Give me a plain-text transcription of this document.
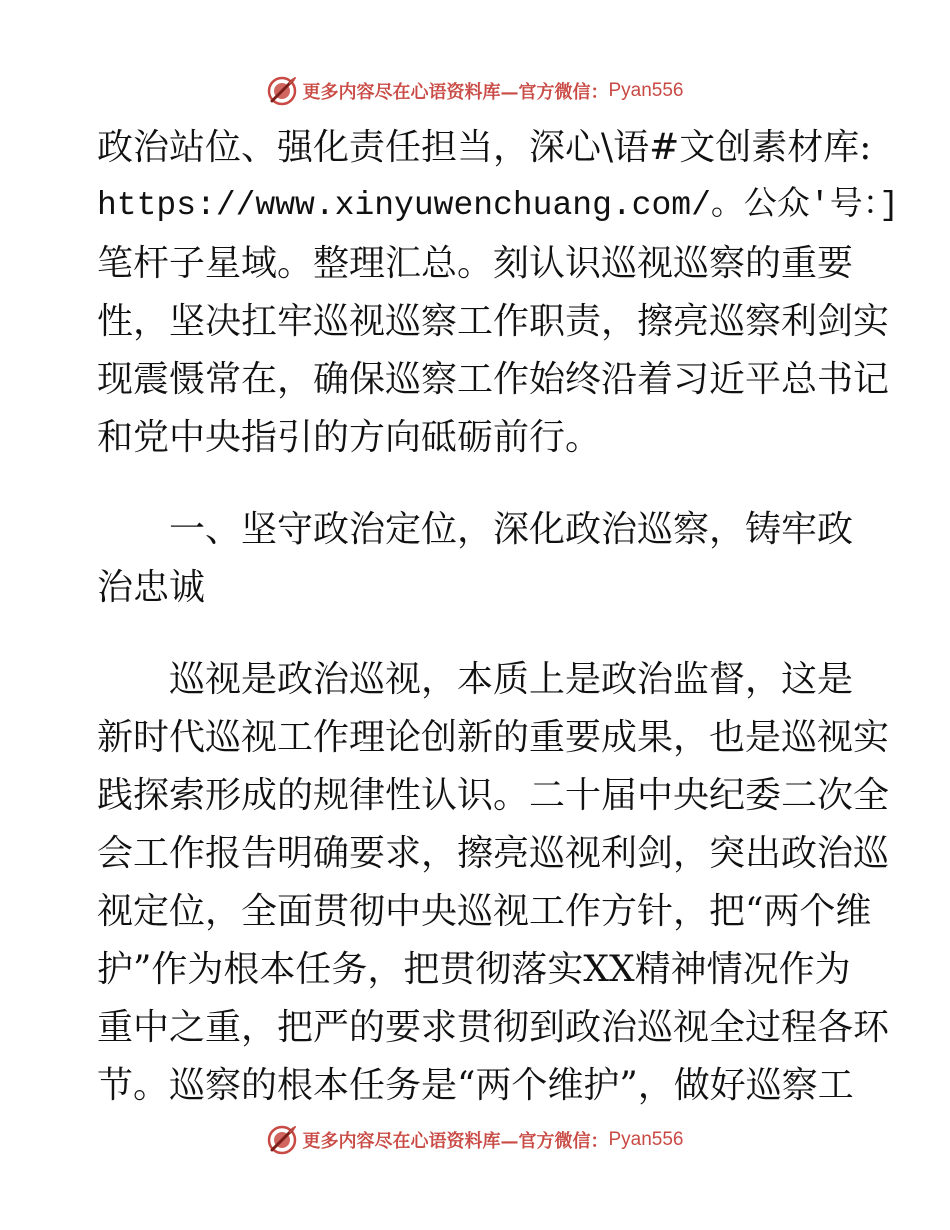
更多内容尽在心语资料库—官方微信： Pyan556
政治站位、强化责任担当，深心\语#文创素材库:
https://www.xinyuwenchuang.com/。公众′号：]
笔杆子星域。整理汇总。刻认识巡视巡察的重要
性，坚决扛牢巡视巡察工作职责，擦亮巡察利剑实
现震慑常在，确保巡察工作始终沿着习近平总书记
和党中央指引的方向砥砺前行。
　　一、坚守政治定位，深化政治巡察，铸牢政
治忠诚
　　巡视是政治巡视，本质上是政治监督，这是
新时代巡视工作理论创新的重要成果，也是巡视实
践探索形成的规律性认识。二十届中央纪委二次全
会工作报告明确要求，擦亮巡视利剑，突出政治巡
视定位，全面贯彻中央巡视工作方针，把“两个维
护”作为根本任务，把贯彻落实XX精神情况作为
重中之重，把严的要求贯彻到政治巡视全过程各环
节。巡察的根本任务是“两个维护”，做好巡察工
更多内容尽在心语资料库—官方微信： Pyan556
